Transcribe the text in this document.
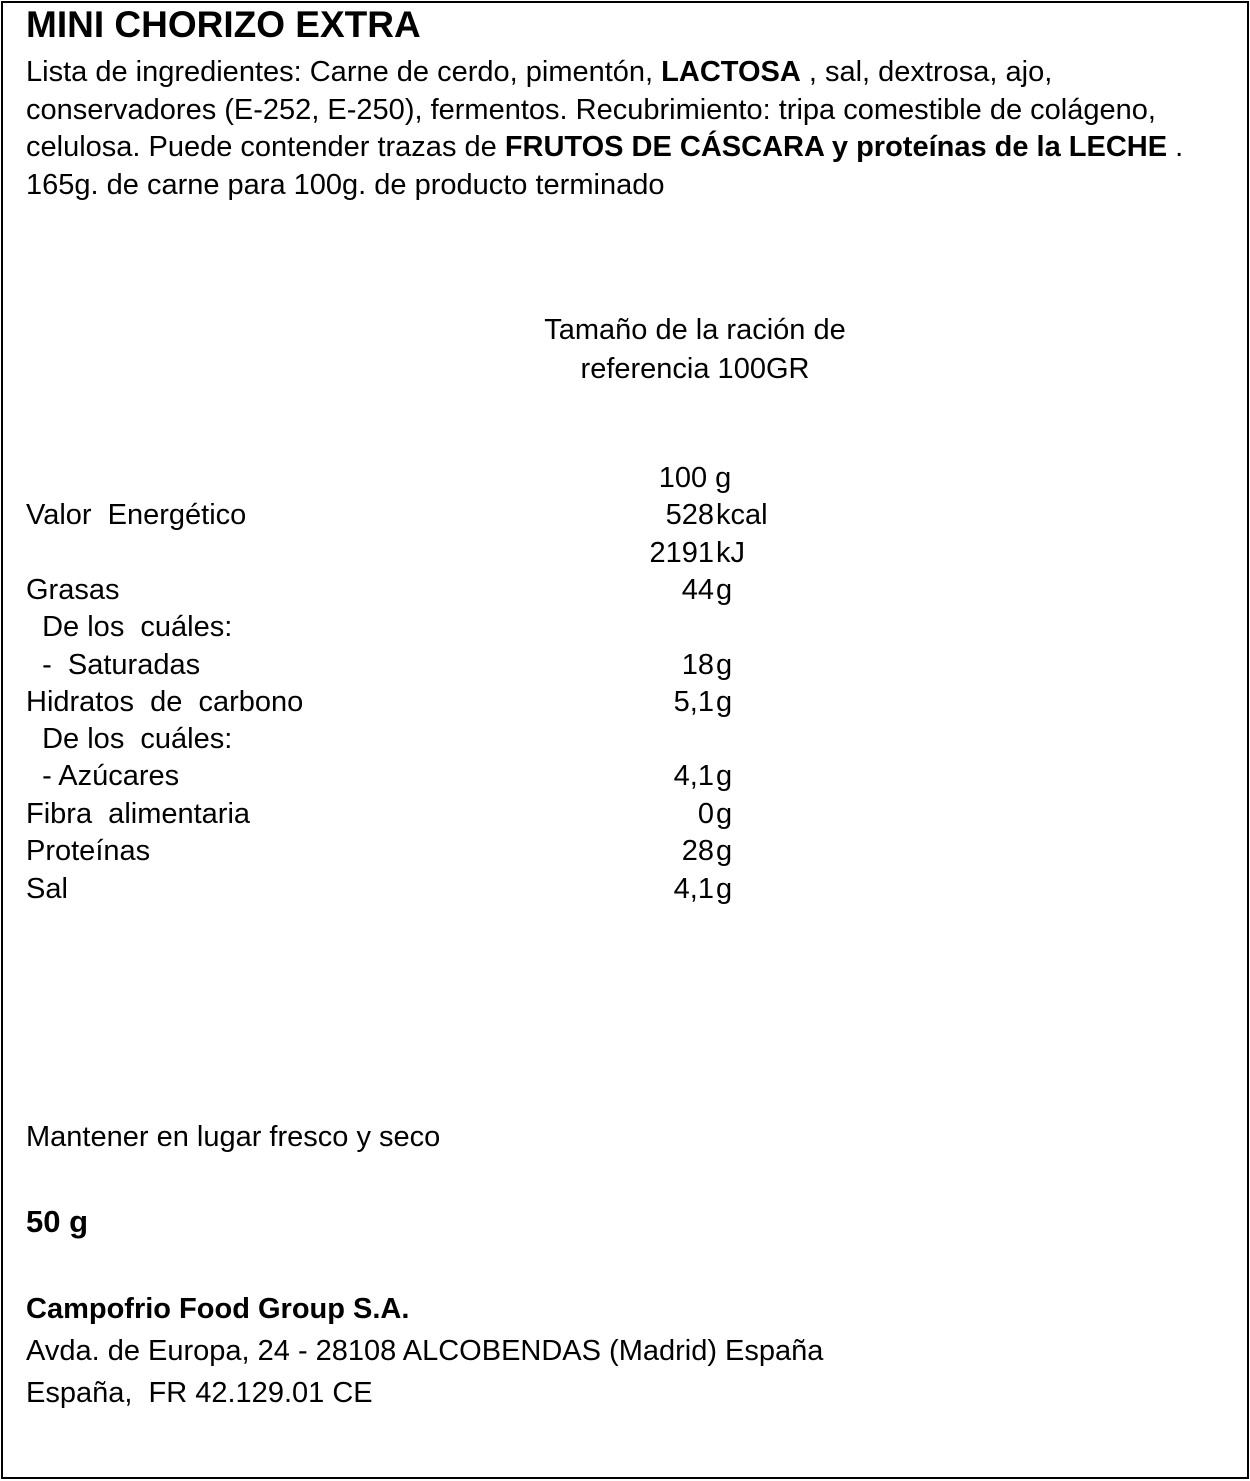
MINI CHORIZO EXTRA
Lista de ingredientes: Carne de cerdo, pimentón, LACTOSA , sal, dextrosa, ajo, conservadores (E-252, E-250), fermentos. Recubrimiento: tripa comestible de colágeno, celulosa. Puede contender trazas de FRUTOS DE CÁSCARA y proteínas de la LECHE . 165g. de carne para 100g. de producto terminado
Tamaño de la ración de
referencia 100GR
100 g
Valor  Energético	528 kcal
2191 kJ
Grasas	44 g
De los  cuáles:
-  Saturadas	18 g
Hidratos  de  carbono	5,1 g
De los  cuáles:
- Azúcares	4,1 g
Fibra  alimentaria	0 g
Proteínas	28 g
Sal	4,1 g
Mantener en lugar fresco y seco
50 g
Campofrio Food Group S.A.
Avda. de Europa, 24 - 28108 ALCOBENDAS (Madrid) España
España,  FR 42.129.01 CE
